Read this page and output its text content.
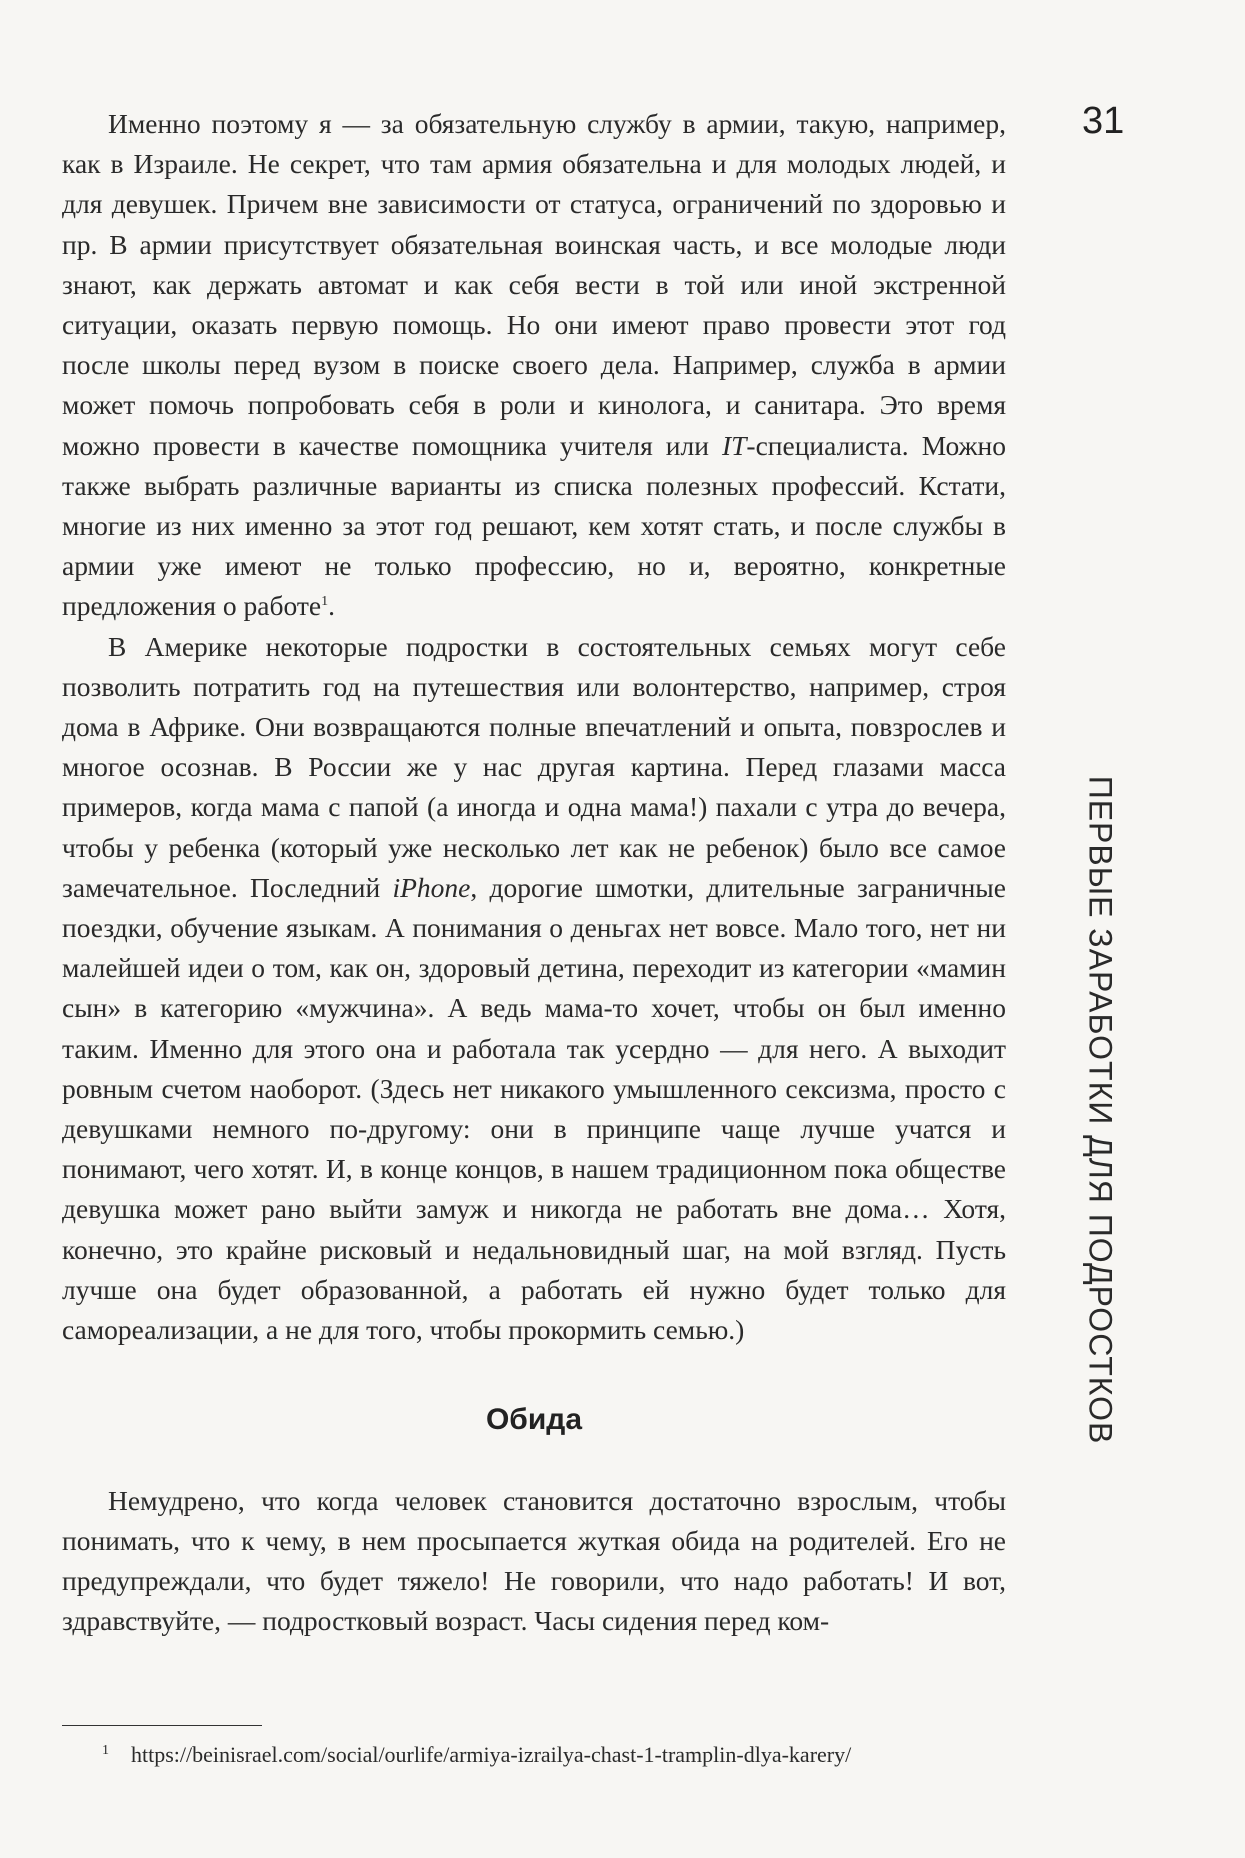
31

Именно поэтому я — за обязательную службу в армии, такую, например, как в Израиле. Не секрет, что там армия обязательна и для молодых людей, и для девушек. Причем вне зависимости от статуса, ограничений по здоровью и пр. В армии присутствует обязательная воинская часть, и все молодые люди знают, как держать автомат и как себя вести в той или иной экстренной ситуации, оказать первую помощь. Но они имеют право провести этот год после школы перед вузом в поиске своего дела. Например, служба в армии может помочь попробовать себя в роли и кинолога, и санитара. Это время можно провести в качестве помощника учителя или IT-специалиста. Можно также выбрать различные варианты из списка полезных профессий. Кстати, многие из них именно за этот год решают, кем хотят стать, и после службы в армии уже имеют не только профессию, но и, вероятно, конкретные предложения о работе$^1$.

В Америке некоторые подростки в состоятельных семьях могут себе позволить потратить год на путешествия или волонтерство, например, строя дома в Африке. Они возвращаются полные впечатлений и опыта, повзрослев и многое осознав. В России же у нас другая картина. Перед глазами масса примеров, когда мама с папой (а иногда и одна мама!) пахали с утра до вечера, чтобы у ребенка (который уже несколько лет как не ребенок) было все самое замечательное. Последний iPhone, дорогие шмотки, длительные заграничные поездки, обучение языкам. А понимания о деньгах нет вовсе. Мало того, нет ни малейшей идеи о том, как он, здоровый детина, переходит из категории «мамин сын» в категорию «мужчина». А ведь мама-то хочет, чтобы он был именно таким. Именно для этого она и работала так усердно — для него. А выходит ровным счетом наоборот. (Здесь нет никакого умышленного сексизма, просто с девушками немного по-другому: они в принципе чаще лучше учатся и понимают, чего хотят. И, в конце концов, в нашем традиционном пока обществе девушка может рано выйти замуж и никогда не работать вне дома… Хотя, конечно, это крайне рисковый и недальновидный шаг, на мой взгляд. Пусть лучше она будет образованной, а работать ей нужно будет только для самореализации, а не для того, чтобы прокормить семью.)

Обида

Немудрено, что когда человек становится достаточно взрослым, чтобы понимать, что к чему, в нем просыпается жуткая обида на родителей. Его не предупреждали, что будет тяжело! Не говорили, что надо работать! И вот, здравствуйте, — подростковый возраст. Часы сидения перед ком-

ПЕРВЫЕ ЗАРАБОТКИ ДЛЯ ПОДРОСТКОВ
$^1$ https://beinisrael.com/social/ourlife/armiya-izrailya-chast-1-tramplin-dlya-karery/
